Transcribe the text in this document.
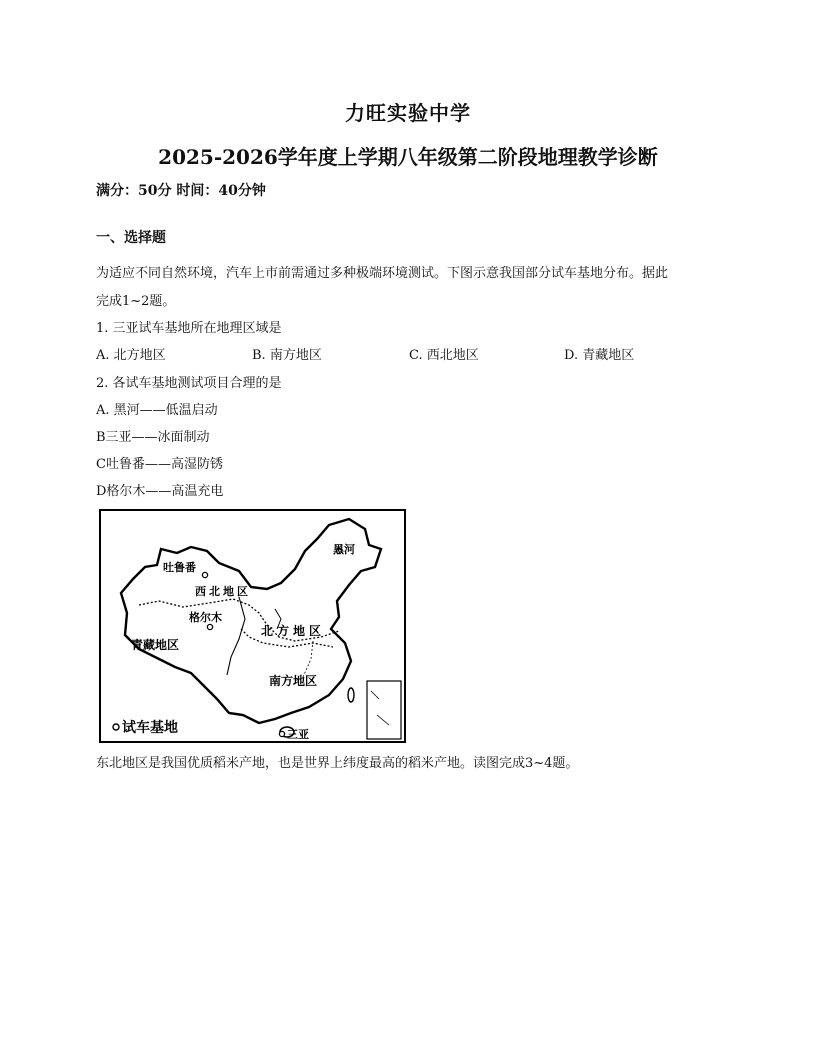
力旺实验中学
2025-2026学年度上学期八年级第二阶段地理教学诊断
满分：50分 时间：40分钟
一、选择题
为适应不同自然环境，汽车上市前需通过多种极端环境测试。下图示意我国部分试车基地分布。据此
完成1~2题。
1. 三亚试车基地所在地理区域是
A. 北方地区	B. 南方地区	C. 西北地区	D. 青藏地区
2. 各试车基地测试项目合理的是
A. 黑河——低温启动
B三亚——冰面制动
C吐鲁番——高湿防锈
D格尔木——高温充电
黑河
吐鲁番
西北地区
格尔木
青藏地区
北方地区
南方地区
三亚
试车基地
东北地区是我国优质稻米产地，也是世界上纬度最高的稻米产地。读图完成3~4题。
